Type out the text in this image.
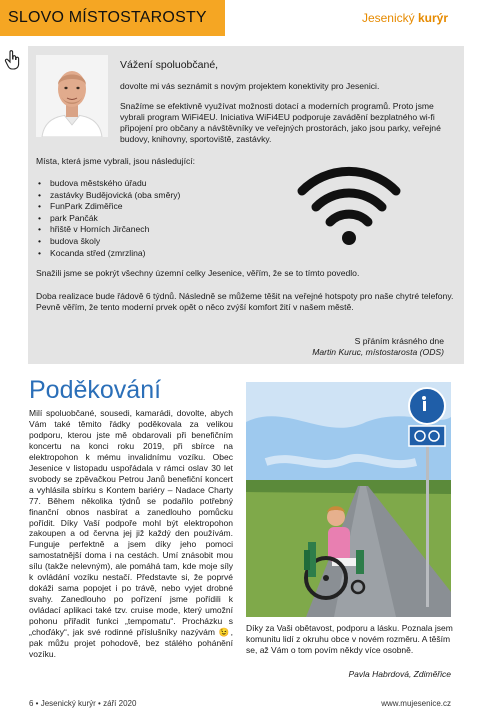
SLOVO MÍSTOSTAROSTY	Jesenický kurýr
Vážení spoluobčané,
dovolte mi vás seznámit s novým projektem konektivity pro Jesenici.
Snažíme se efektivně využívat možnosti dotací a moderních programů. Proto jsme vybrali program WiFi4EU. Iniciativa WiFi4EU podporuje zavádění bezplatného wi-fi připojení pro občany a návštěvníky ve veřejných prostorách, jako jsou parky, veřejné budovy, knihovny, sportoviště, zastávky.
Místa, která jsme vybrali, jsou následující:
• budova městského úřadu
• zastávky Budějovická (oba směry)
• FunPark Zdiměřice
• park Pančák
• hřiště v Horních Jirčanech
• budova školy
• Kocanda střed (zmrzlina)
Snažili jsme se pokrýt všechny územní celky Jesenice, věřím, že se to tímto povedlo.
Doba realizace bude řádově 6 týdnů. Následně se můžeme těšit na veřejné hotspoty pro naše chytré telefony. Pevně věřím, že tento moderní prvek opět o něco zvýší komfort žití v našem městě.
S přáním krásného dne
Martin Kuruc, místostarosta (ODS)
Poděkování
Milí spoluobčané, sousedi, kamarádi, dovolte, abych Vám také těmito řádky poděkovala za velikou podporu, kterou jste mě obdarovali při benefičním koncertu na konci roku 2019, při sbírce na elektropohon k mému invalidnímu vozíku. Obec Jesenice v listopadu uspořádala v rámci oslav 30 let svobody se zpěvačkou Petrou Janů benefiční koncert a vyhlásila sbírku s Kontem bariéry – Nadace Charty 77. Během několika týdnů se podařilo potřebný finanční obnos nasbírat a zanedlouho pomůcku pořídit. Díky Vaší podpoře mohl být elektropohon zakoupen a od června jej již každý den používám. Funguje perfektně a jsem díky jeho pomoci samostatnější doma i na cestách. Umí znásobit mou sílu (takže nelevným), ale pomáhá tam, kde moje síly k ovládání vozíku nestačí. Představte si, že poprvé dokáži sama popojet i po trávě, nebo vyjet drobné svahy. Zanedlouho po pořízení jsme pořídili k ovládací aplikaci také tzv. cruise mode, který umožní pohonu přiřadit funkci „tempomatu“. Procházku s „choďáky“, jak své rodinné příslušníky nazývám 😉, pak můžu projet pohodově, bez stálého pohánění vozíku.
Díky za Vaši obětavost, podporu a lásku. Poznala jsem komunitu lidí z okruhu obce v novém rozměru. A těším se, až Vám o tom povím někdy více osobně.
Pavla Habrdová, Zdiměřice
6 • Jesenický kurýr • září 2020	www.mujesenice.cz
